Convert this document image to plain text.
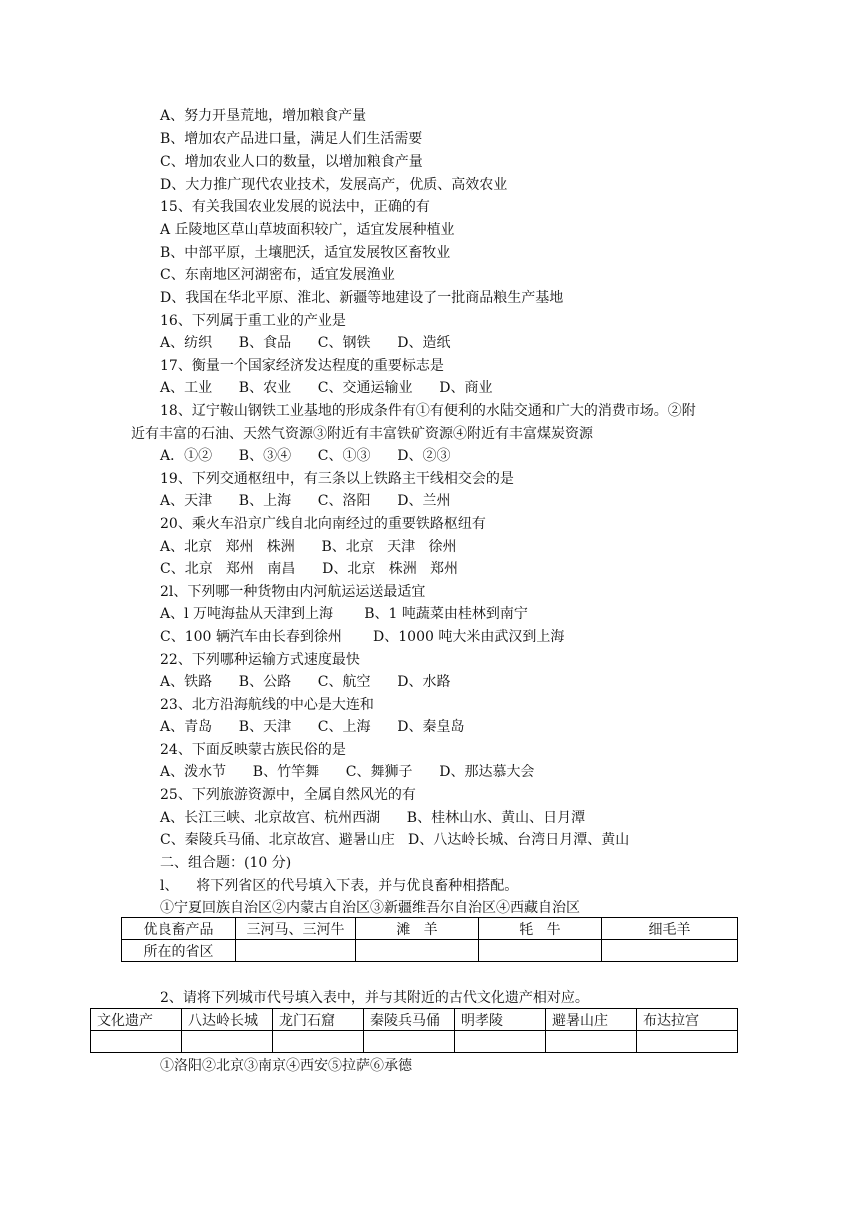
A、努力开垦荒地，增加粮食产量
B、增加农产品进口量，满足人们生活需要
C、增加农业人口的数量，以增加粮食产量
D、大力推广现代农业技术，发展高产，优质、高效农业
15、有关我国农业发展的说法中，正确的有
A 丘陵地区草山草坡面积较广，适宜发展种植业
B、中部平原，土壤肥沃，适宜发展牧区畜牧业
C、东南地区河湖密布，适宜发展渔业
D、我国在华北平原、淮北、新疆等地建设了一批商品粮生产基地
16、下列属于重工业的产业是
A、纺织      B、食品      C、钢铁      D、造纸
17、衡量一个国家经济发达程度的重要标志是
A、工业      B、农业      C、交通运输业      D、商业
18、辽宁鞍山钢铁工业基地的形成条件有①有便利的水陆交通和广大的消费市场。②附
近有丰富的石油、天然气资源③附近有丰富铁矿资源④附近有丰富煤炭资源
A．①②      B、③④      C、①③      D、②③
19、下列交通枢纽中，有三条以上铁路主干线相交会的是
A、天津      B、上海      C、洛阳      D、兰州
20、乘火车沿京广线自北向南经过的重要铁路枢纽有
A、北京   郑州   株洲      B、北京   天津   徐州
C、北京   郑州   南昌      D、北京   株洲   郑州
2l、下列哪一种货物由内河航运运送最适宜
A、l 万吨海盐从天津到上海       B、1 吨蔬菜由桂林到南宁
C、100 辆汽车由长春到徐州       D、1000 吨大米由武汉到上海
22、下列哪种运输方式速度最快
A、铁路      B、公路      C、航空      D、水路
23、北方沿海航线的中心是大连和
A、青岛      B、天津      C、上海      D、秦皇岛
24、下面反映蒙古族民俗的是
A、泼水节      B、竹竿舞      C、舞狮子      D、那达慕大会
25、下列旅游资源中，全属自然风光的有
A、长江三峡、北京故宫、杭州西湖      B、桂林山水、黄山、日月潭
C、秦陵兵马俑、北京故宫、避暑山庄   D、八达岭长城、台湾日月潭、黄山
二、组合题：(10 分)
l、    将下列省区的代号填入下表，并与优良畜种相搭配。
①宁夏回族自治区②内蒙古自治区③新疆维吾尔自治区④西藏自治区
优良畜产品	三河马、三河牛	滩   羊	牦   牛	细毛羊
所在的省区				
2、请将下列城市代号填入表中，并与其附近的古代文化遗产相对应。
文化遗产	八达岭长城	龙门石窟	秦陵兵马俑	明孝陵	避暑山庄	布达拉宫

①洛阳②北京③南京④西安⑤拉萨⑥承德
